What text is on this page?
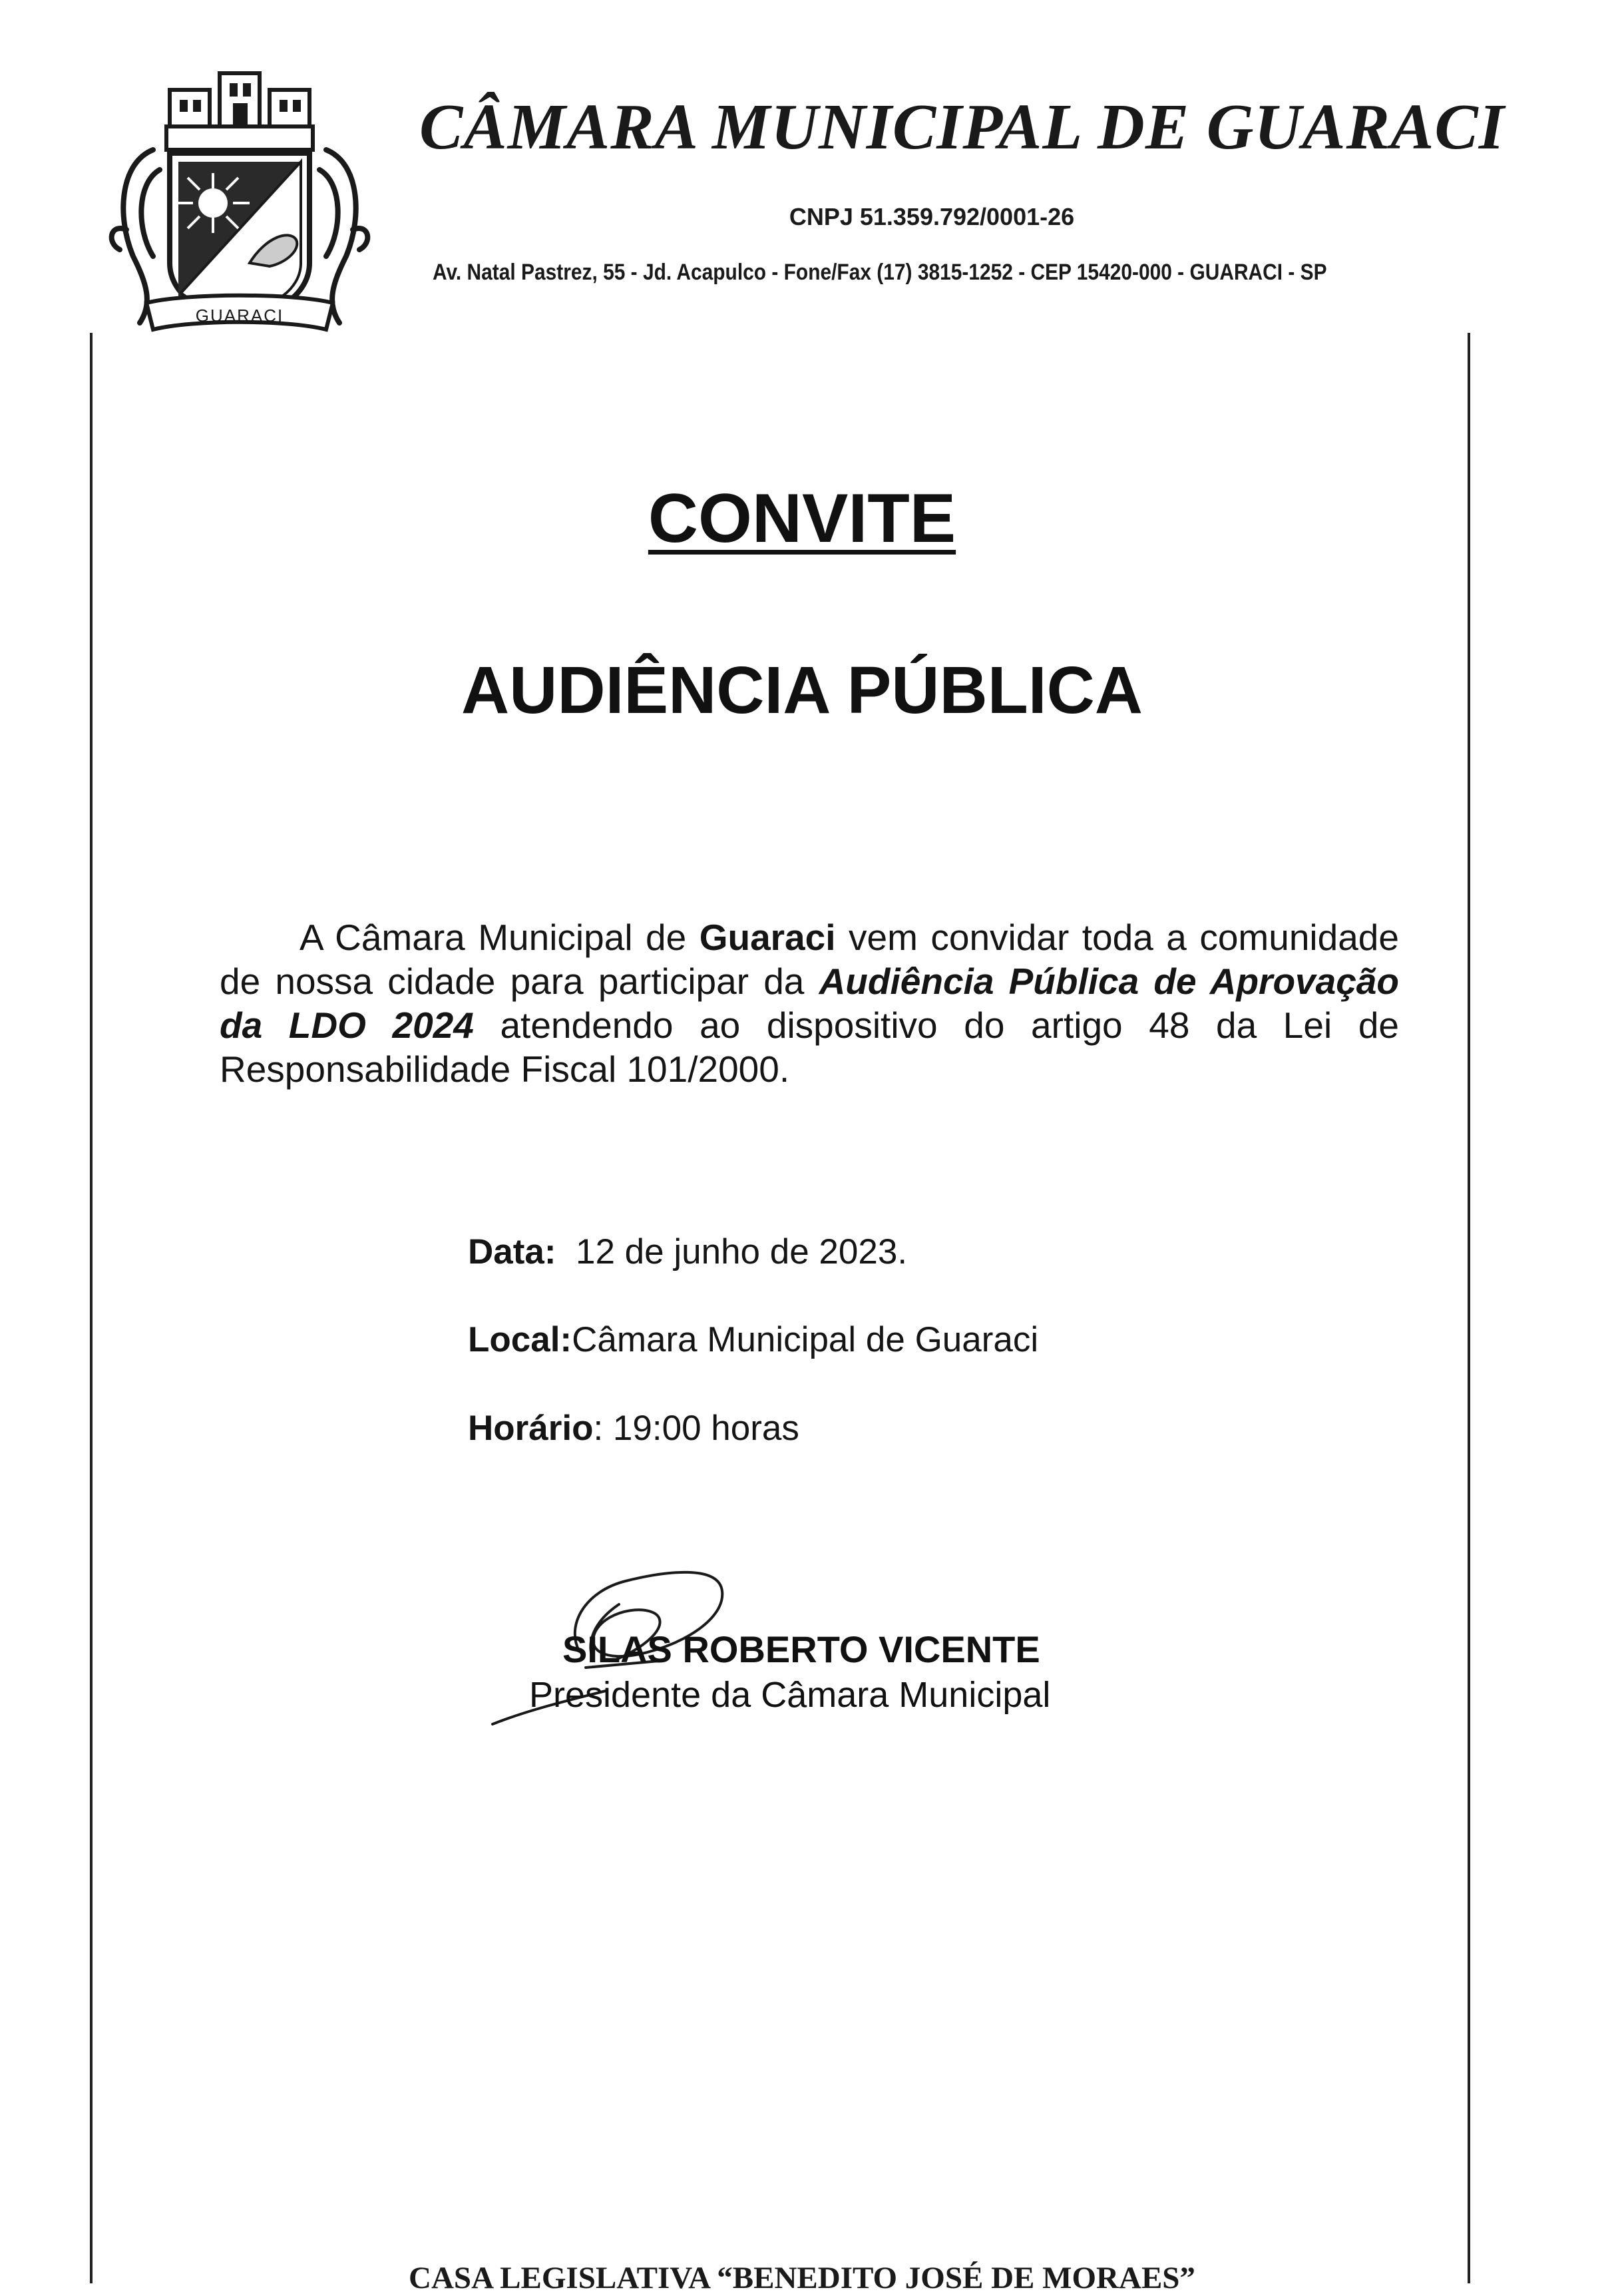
GUARACI
CÂMARA MUNICIPAL DE GUARACI
CNPJ 51.359.792/0001-26
Av. Natal Pastrez, 55 - Jd. Acapulco - Fone/Fax (17) 3815-1252 - CEP 15420-000 - GUARACI - SP
CONVITE
AUDIÊNCIA PÚBLICA
A Câmara Municipal de Guaraci vem convidar toda a comunidade de nossa cidade para participar da Audiência Pública de Aprovação da LDO 2024 atendendo ao dispositivo do artigo 48 da Lei de Responsabilidade Fiscal 101/2000.
Data: 12 de junho de 2023.
Local:Câmara Municipal de Guaraci
Horário: 19:00 horas
SILAS ROBERTO VICENTE
Presidente da Câmara Municipal
CASA LEGISLATIVA “BENEDITO JOSÉ DE MORAES”
